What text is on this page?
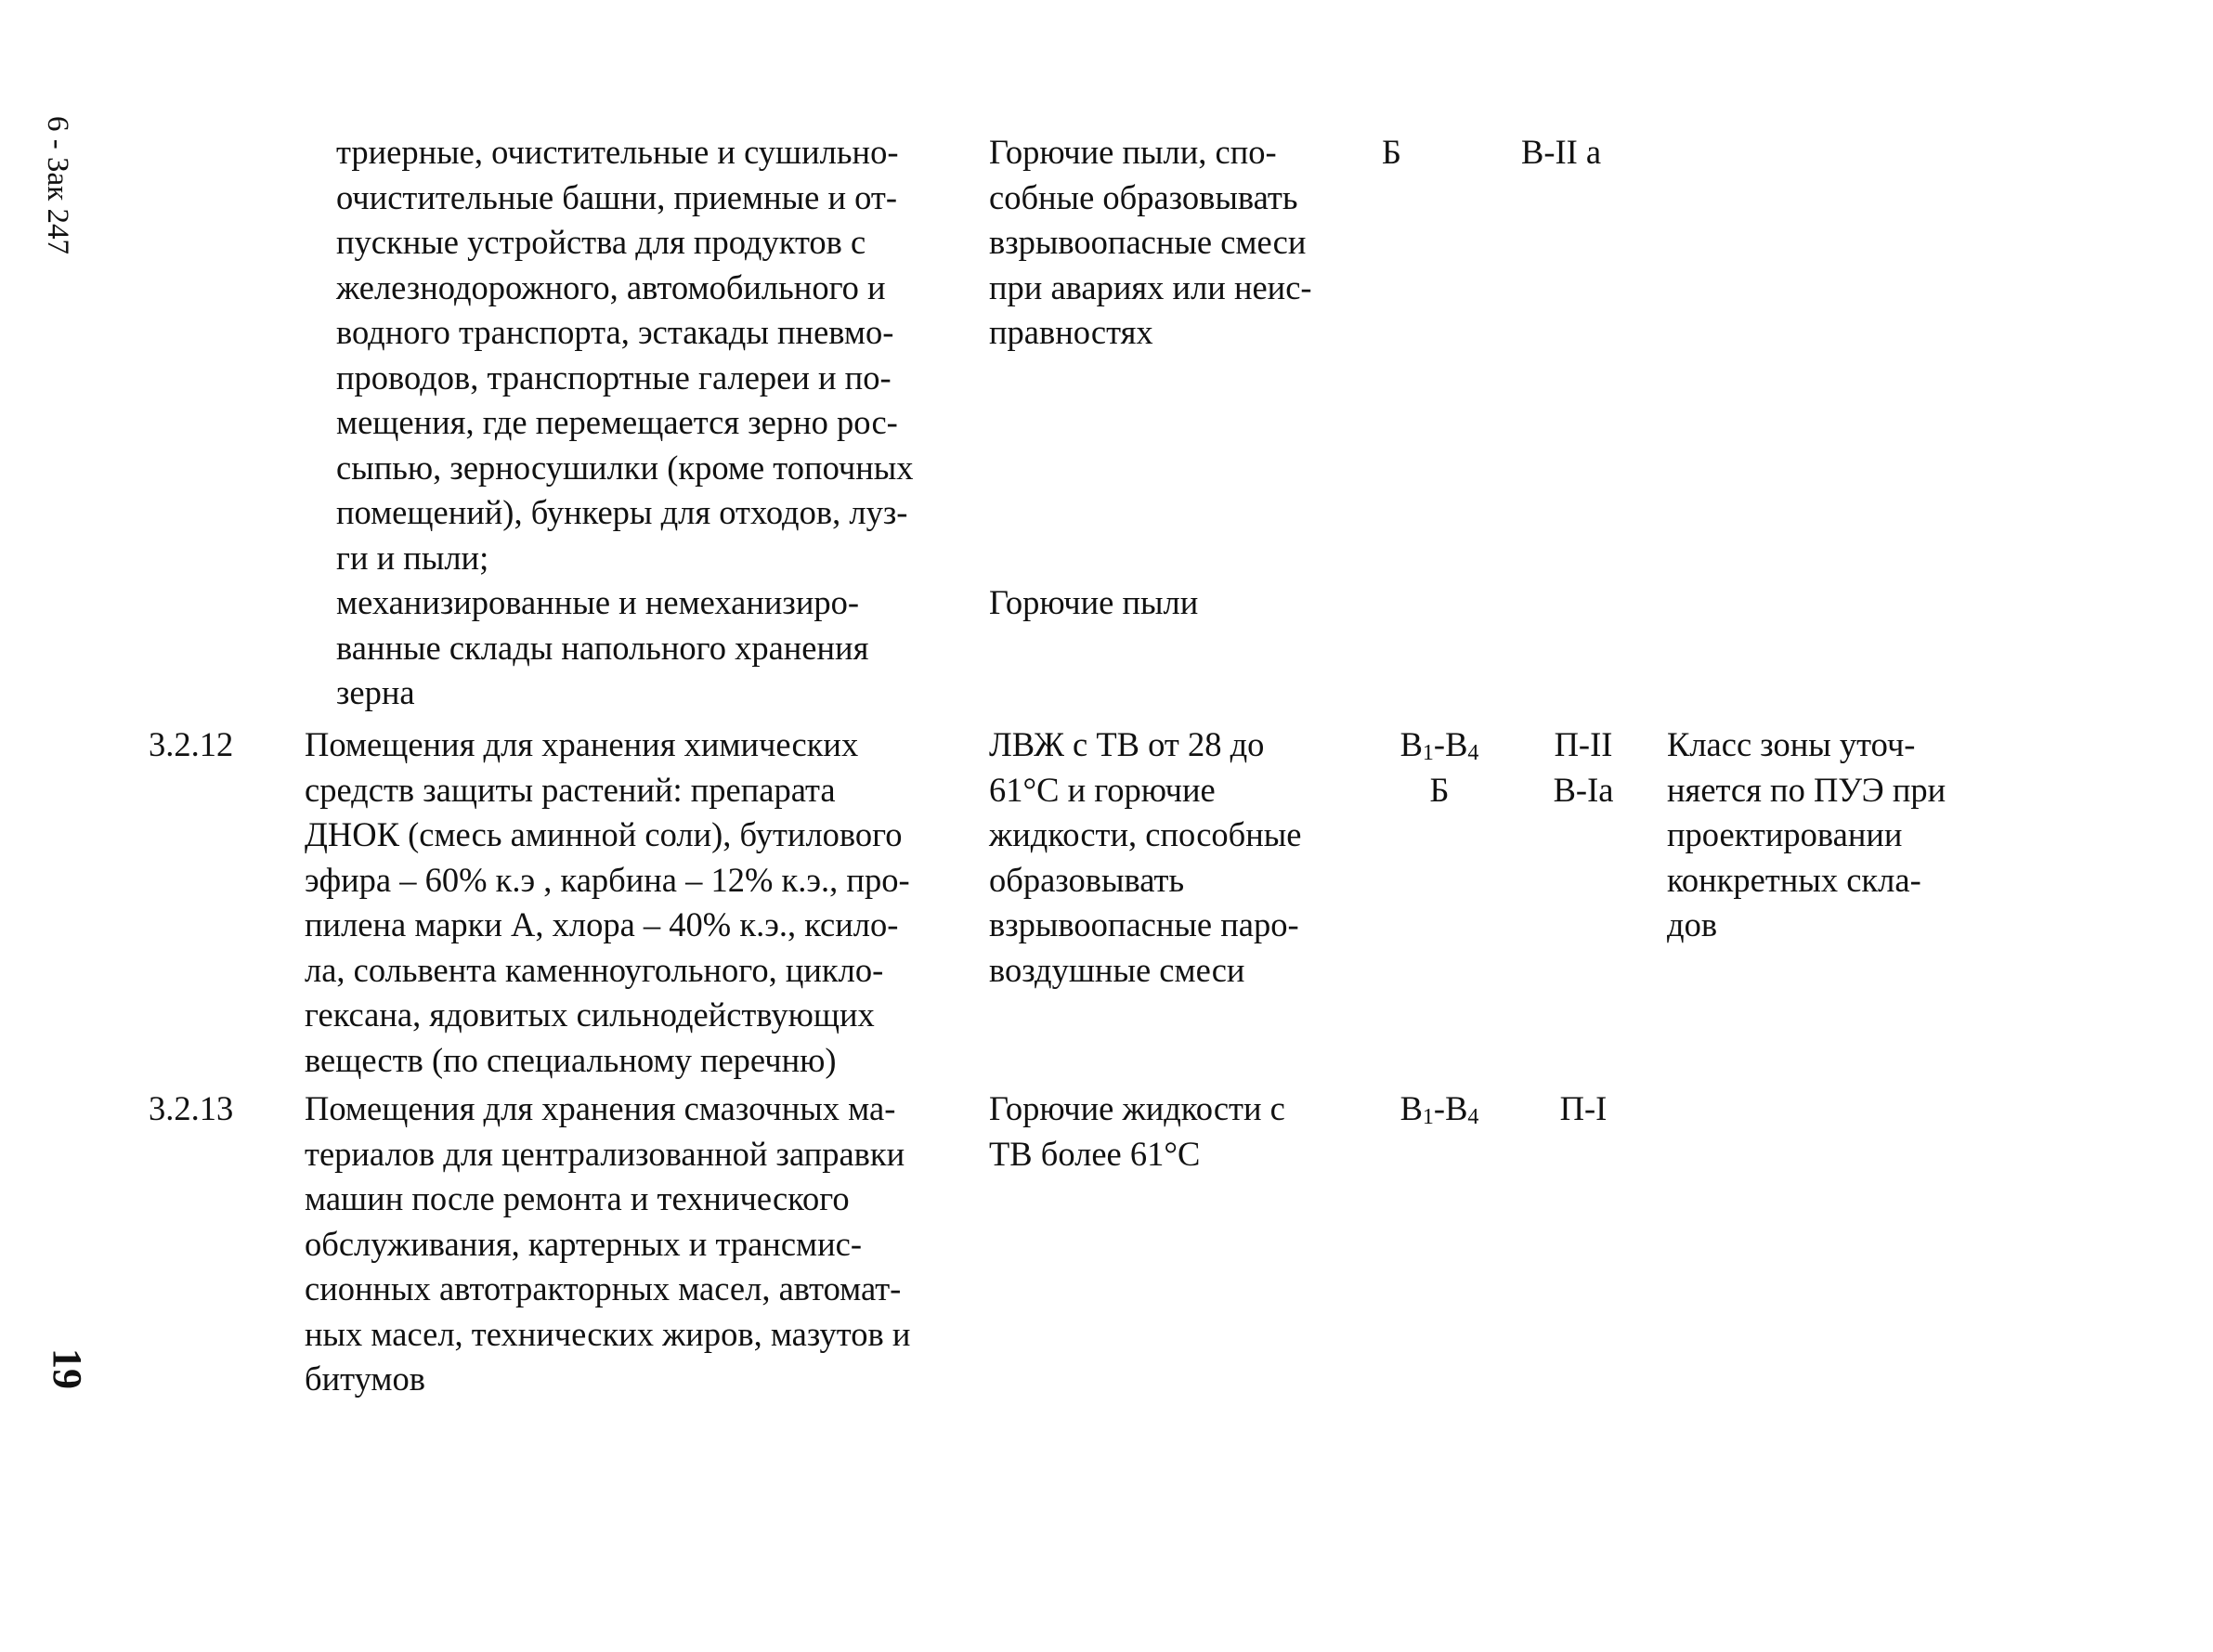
6 - Зак 247
19
триерные, очистительные и сушильно-
очистительные башни, приемные и от-
пускные устройства для продуктов с
железнодорожного, автомобильного и
водного транспорта, эстакады пневмо-
проводов, транспортные галереи и по-
мещения, где перемещается зерно рос-
сыпью, зерносушилки (кроме топочных
помещений), бункеры для отходов, луз-
ги и пыли;
Горючие пыли, спо-
собные образовывать
взрывоопасные смеси
при авариях или неис-
правностях
Б	В-II а
механизированные и немеханизиро-
ванные склады напольного хранения
зерна
Горючие пыли
3.2.12 Помещения для хранения химических
средств защиты растений: препарата
ДНОК (смесь аминной соли), бутилового
эфира – 60% к.э , карбина – 12% к.э., про-
пилена марки А, хлора – 40% к.э., ксило-
ла, сольвента каменноугольного, цикло-
гексана, ядовитых сильнодействующих
веществ (по специальному перечню)
ЛВЖ с ТВ от 28 до
61°С и горючие
жидкости, способные
образовывать
взрывоопасные паро-
воздушные смеси
$В_1-В_4$
Б
П-II
В-Iа
Класс зоны уточ-
няется по ПУЭ при
проектировании
конкретных скла-
дов
3.2.13 Помещения для хранения смазочных ма-
териалов для централизованной заправки
машин после ремонта и технического
обслуживания, картерных и трансмис-
сионных автотракторных масел, автомат-
ных масел, технических жиров, мазутов и
битумов
Горючие жидкости с
ТВ более 61°С
$В_1-В_4$	П-I
